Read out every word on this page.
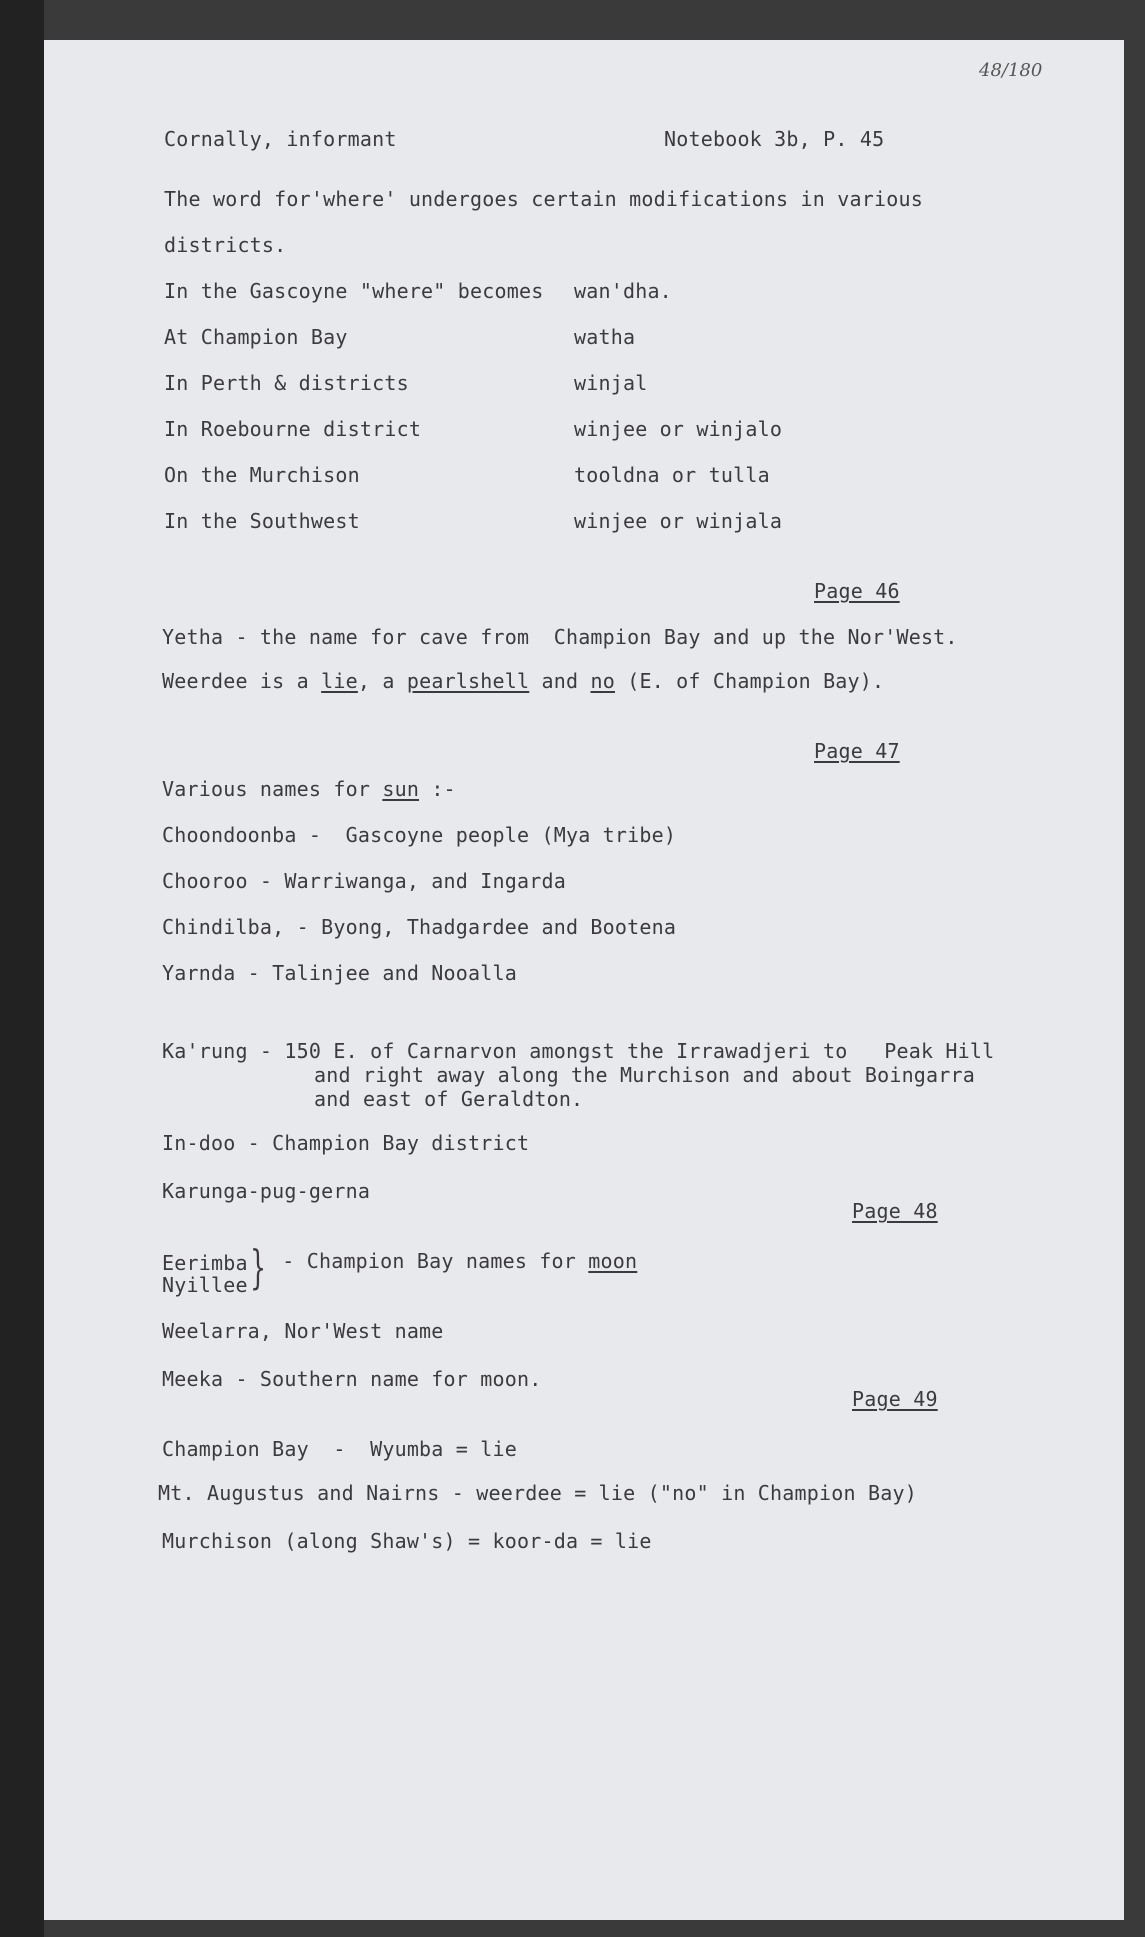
48/180
Cornally, informant	Notebook 3b, P. 45
The word for'where' undergoes certain modifications in various
districts.
In the Gascoyne "where" becomes wan'dha.
At Champion Bay	watha
In Perth & districts	winjal
In Roebourne district	winjee or winjalo
On the Murchison	tooldna or tulla
In the Southwest	winjee or winjala
Page 46
Yetha - the name for cave from  Champion Bay and up the Nor'West.
Weerdee is a lie, a pearlshell and no (E. of Champion Bay).
Page 47
Various names for sun :-
Choondoonba -  Gascoyne people (Mya tribe)
Chooroo - Warriwanga, and Ingarda
Chindilba, - Byong, Thadgardee and Bootena
Yarnda - Talinjee and Nooalla
Ka'rung - 150 E. of Carnarvon amongst the Irrawadjeri to   Peak Hill
and right away along the Murchison and about Boingarra
and east of Geraldton.
In-doo - Champion Bay district
Karunga-pug-gerna
Page 48
Eerimba
Nyillee } - Champion Bay names for moon
Weelarra, Nor'West name
Meeka - Southern name for moon.
Page 49
Champion Bay  -  Wyumba = lie
Mt. Augustus and Nairns - weerdee = lie ("no" in Champion Bay)
Murchison (along Shaw's) = koor-da = lie
